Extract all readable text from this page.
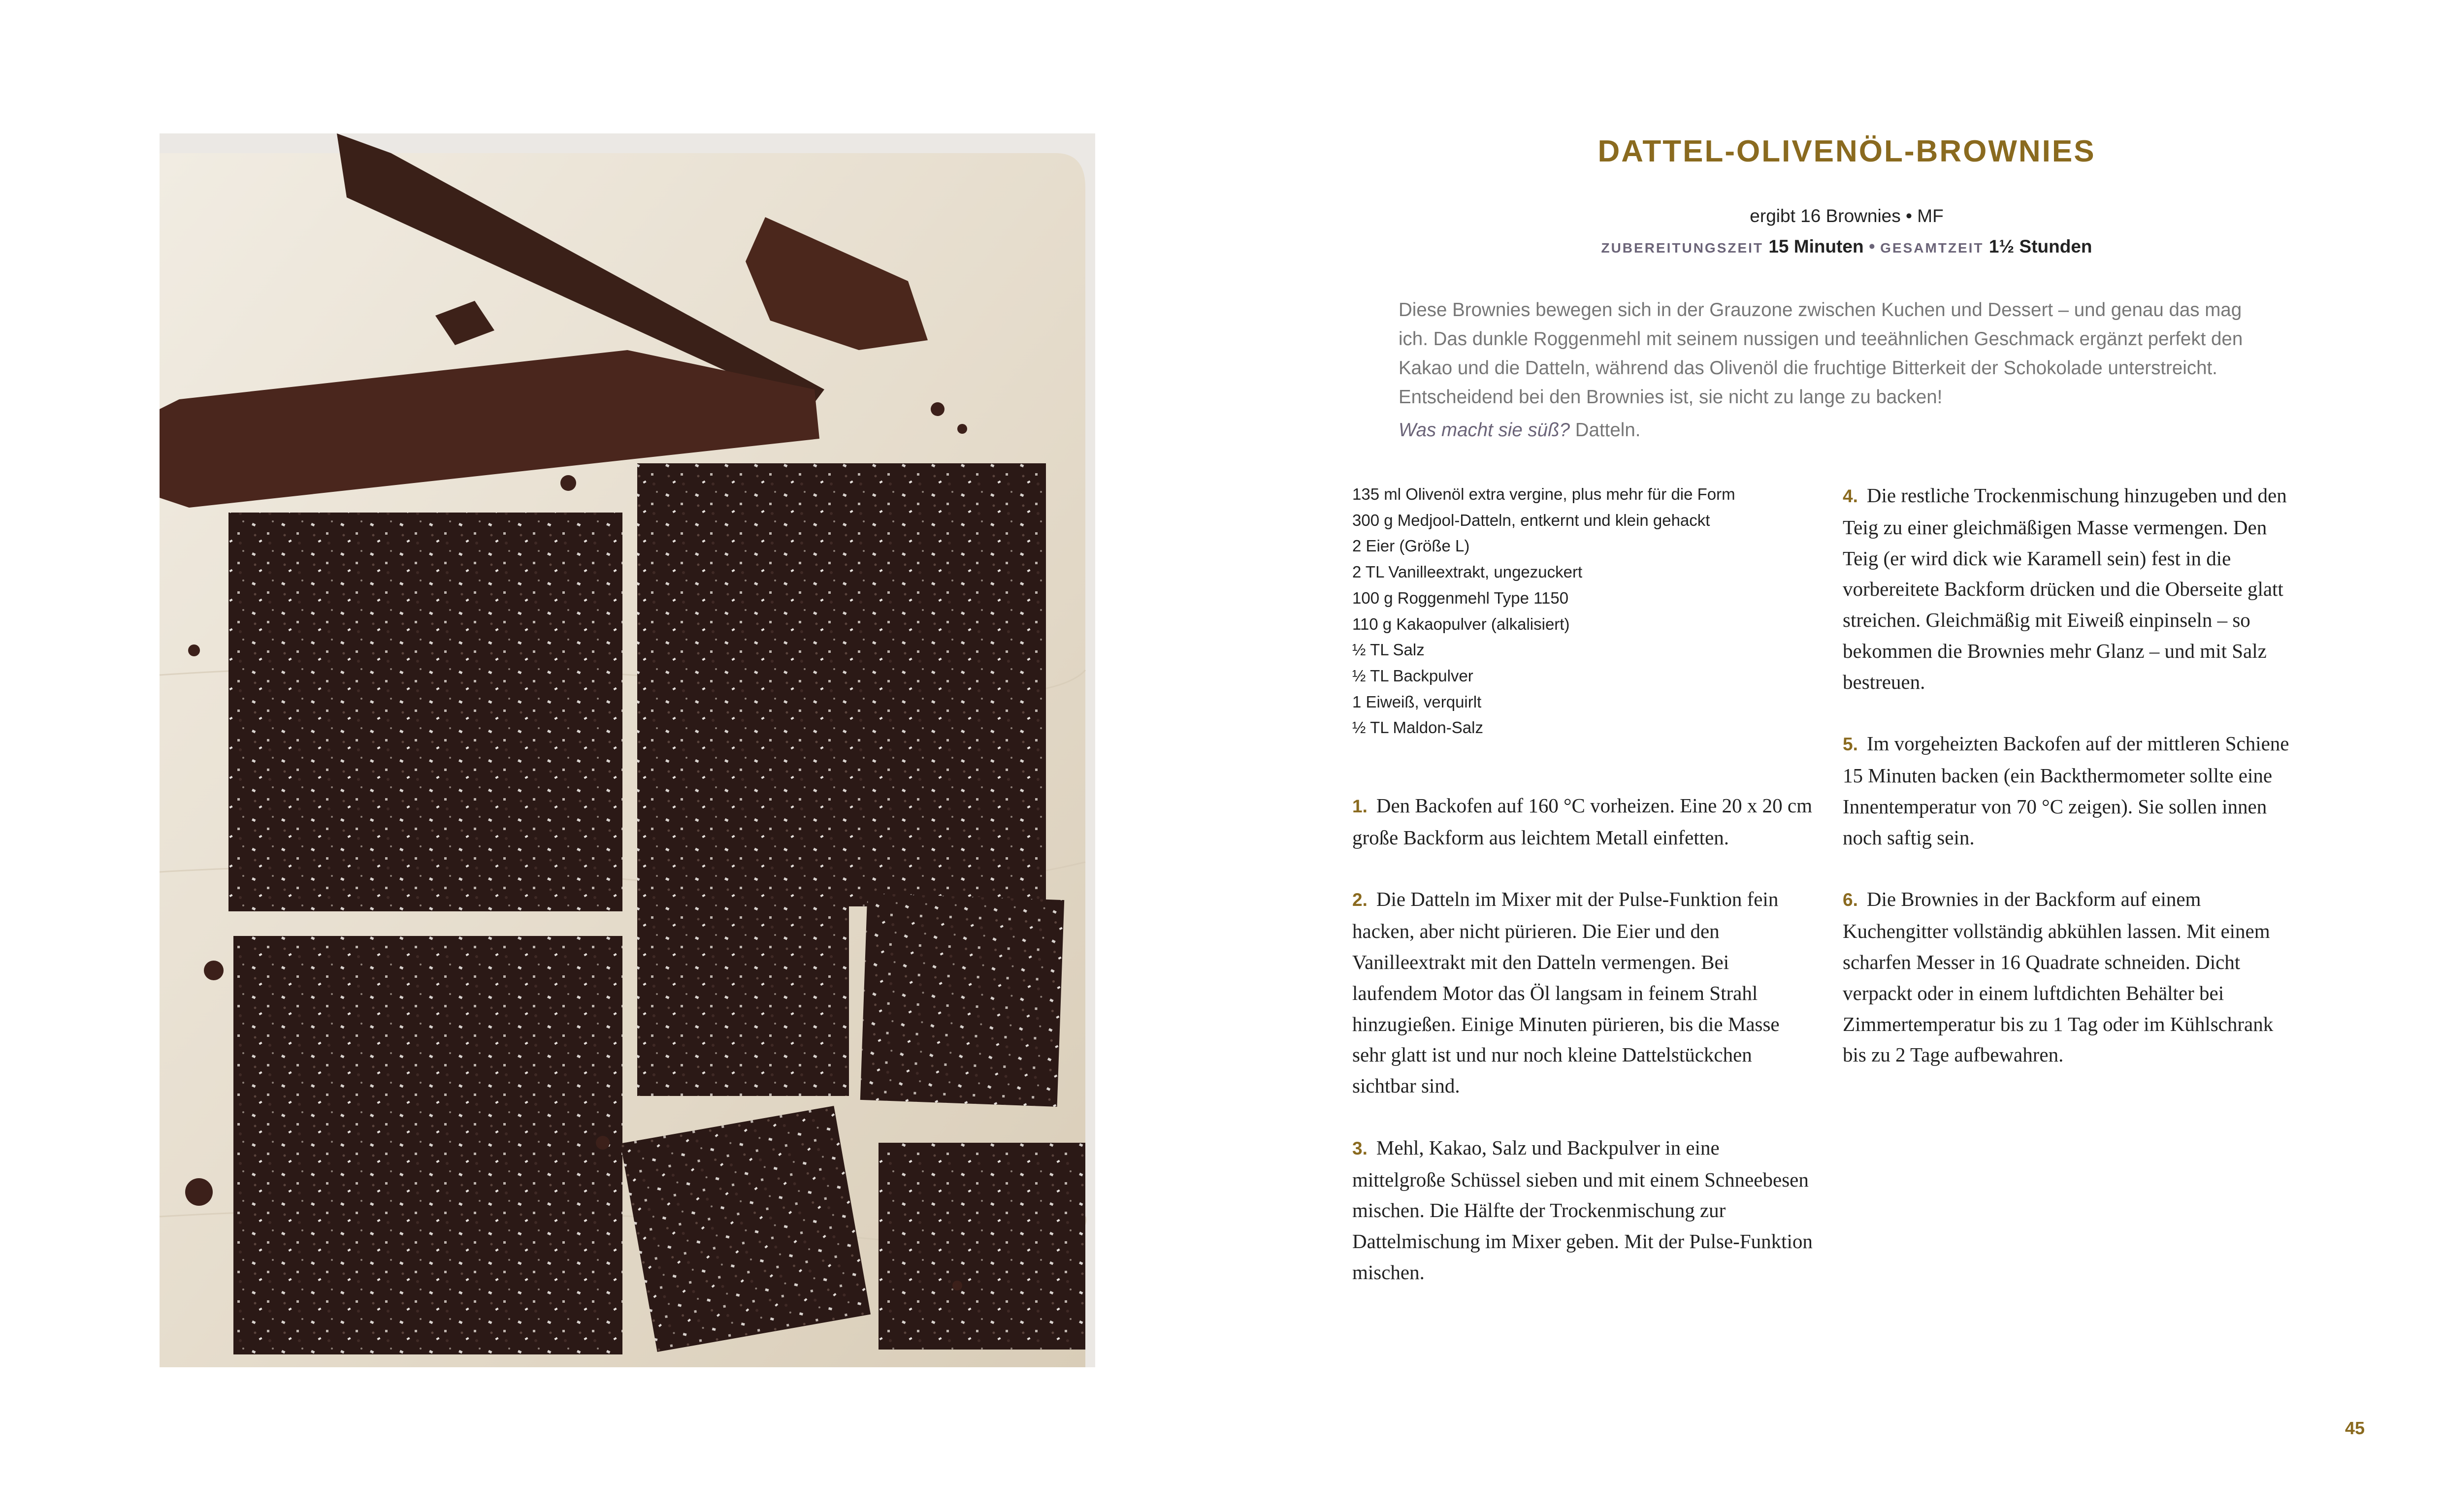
DATTEL-OLIVENÖL-BROWNIES
ergibt 16 Brownies • MF
ZUBEREITUNGSZEIT 15 Minuten • GESAMTZEIT 1½ Stunden

Diese Brownies bewegen sich in der Grauzone zwischen Kuchen und Dessert – und genau das mag ich. Das dunkle Roggenmehl mit seinem nussigen und teeähnlichen Geschmack ergänzt perfekt den Kakao und die Datteln, während das Olivenöl die fruchtige Bitterkeit der Schokolade unterstreicht. Entscheidend bei den Brownies ist, sie nicht zu lange zu backen!

Was macht sie süß? Datteln.

135 ml Olivenöl extra vergine, plus mehr für die Form
300 g Medjool-Datteln, entkernt und klein gehackt
2 Eier (Größe L)
2 TL Vanilleextrakt, ungezuckert
100 g Roggenmehl Type 1150
110 g Kakaopulver (alkalisiert)
½ TL Salz
½ TL Backpulver
1 Eiweiß, verquirlt
½ TL Maldon-Salz

1. Den Backofen auf 160 °C vorheizen. Eine 20 x 20 cm große Backform aus leichtem Metall einfetten.

2. Die Datteln im Mixer mit der Pulse-Funktion fein hacken, aber nicht pürieren. Die Eier und den Vanilleextrakt mit den Datteln vermengen. Bei laufendem Motor das Öl langsam in feinem Strahl hinzugießen. Einige Minuten pürieren, bis die Masse sehr glatt ist und nur noch kleine Dattelstückchen sichtbar sind.

3. Mehl, Kakao, Salz und Backpulver in eine mittelgroße Schüssel sieben und mit einem Schneebesen mischen. Die Hälfte der Trockenmischung zur Dattelmischung im Mixer geben. Mit der Pulse-Funktion mischen.

4. Die restliche Trockenmischung hinzugeben und den Teig zu einer gleichmäßigen Masse vermengen. Den Teig (er wird dick wie Karamell sein) fest in die vorbereitete Backform drücken und die Oberseite glatt streichen. Gleichmäßig mit Eiweiß einpinseln – so bekommen die Brownies mehr Glanz – und mit Salz bestreuen.

5. Im vorgeheizten Backofen auf der mittleren Schiene 15 Minuten backen (ein Backthermometer sollte eine Innentemperatur von 70 °C zeigen). Sie sollen innen noch saftig sein.

6. Die Brownies in der Backform auf einem Kuchengitter vollständig abkühlen lassen. Mit einem scharfen Messer in 16 Quadrate schneiden. Dicht verpackt oder in einem luftdichten Behälter bei Zimmertemperatur bis zu 1 Tag oder im Kühlschrank bis zu 2 Tage aufbewahren.

45
